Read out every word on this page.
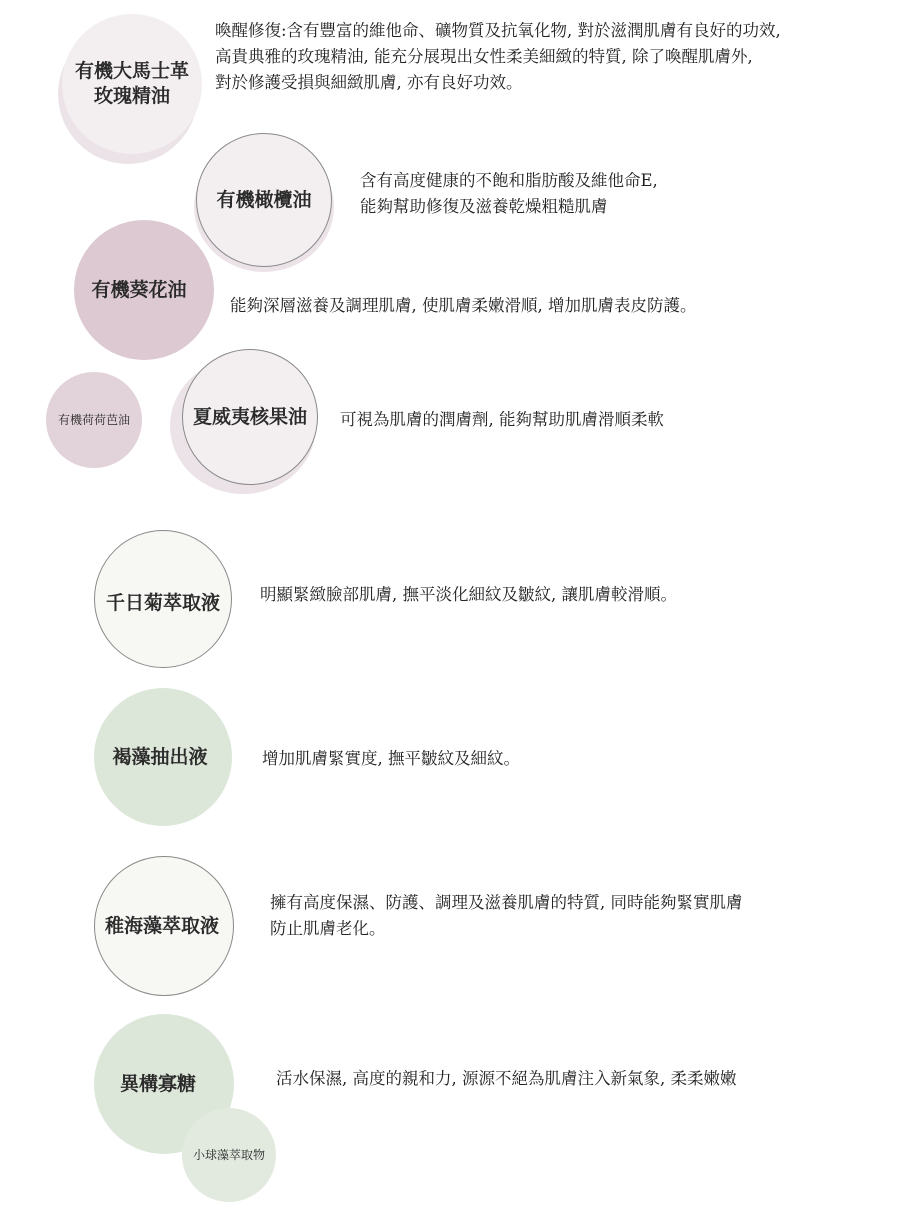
有機大馬士革
玫瑰精油
喚醒修復:含有豐富的維他命、礦物質及抗氧化物, 對於滋潤肌膚有良好的功效,
高貴典雅的玫瑰精油, 能充分展現出女性柔美細緻的特質, 除了喚醒肌膚外,
對於修護受損與細緻肌膚, 亦有良好功效。
有機橄欖油
含有高度健康的不飽和脂肪酸及維他命E,
能夠幫助修復及滋養乾燥粗糙肌膚
有機葵花油
能夠深層滋養及調理肌膚, 使肌膚柔嫩滑順, 增加肌膚表皮防護。
有機荷荷芭油	夏威夷核果油 可視為肌膚的潤膚劑, 能夠幫助肌膚滑順柔軟
千日菊萃取液 明顯緊緻臉部肌膚, 撫平淡化細紋及皺紋, 讓肌膚較滑順。
褐藻抽出液	增加肌膚緊實度, 撫平皺紋及細紋。
稚海藻萃取液
擁有高度保濕、防護、調理及滋養肌膚的特質, 同時能夠緊實肌膚
防止肌膚老化。
異構寡糖
小球藻萃取物
活水保濕, 高度的親和力, 源源不絕為肌膚注入新氣象, 柔柔嫩嫩
